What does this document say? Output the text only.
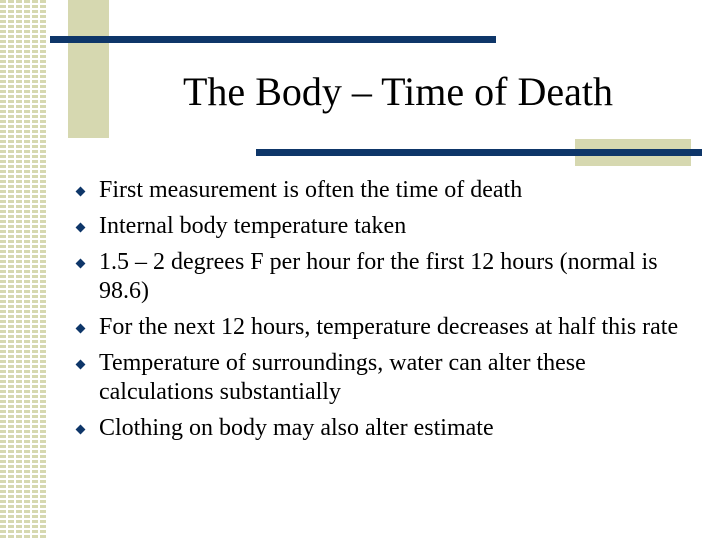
The Body – Time of Death
First measurement is often the time of death
Internal body temperature taken
1.5 – 2 degrees F per hour for the first 12 hours (normal is 98.6)
For the next 12 hours, temperature decreases at half this rate
Temperature of surroundings, water can alter these calculations substantially
Clothing on body may also alter estimate
